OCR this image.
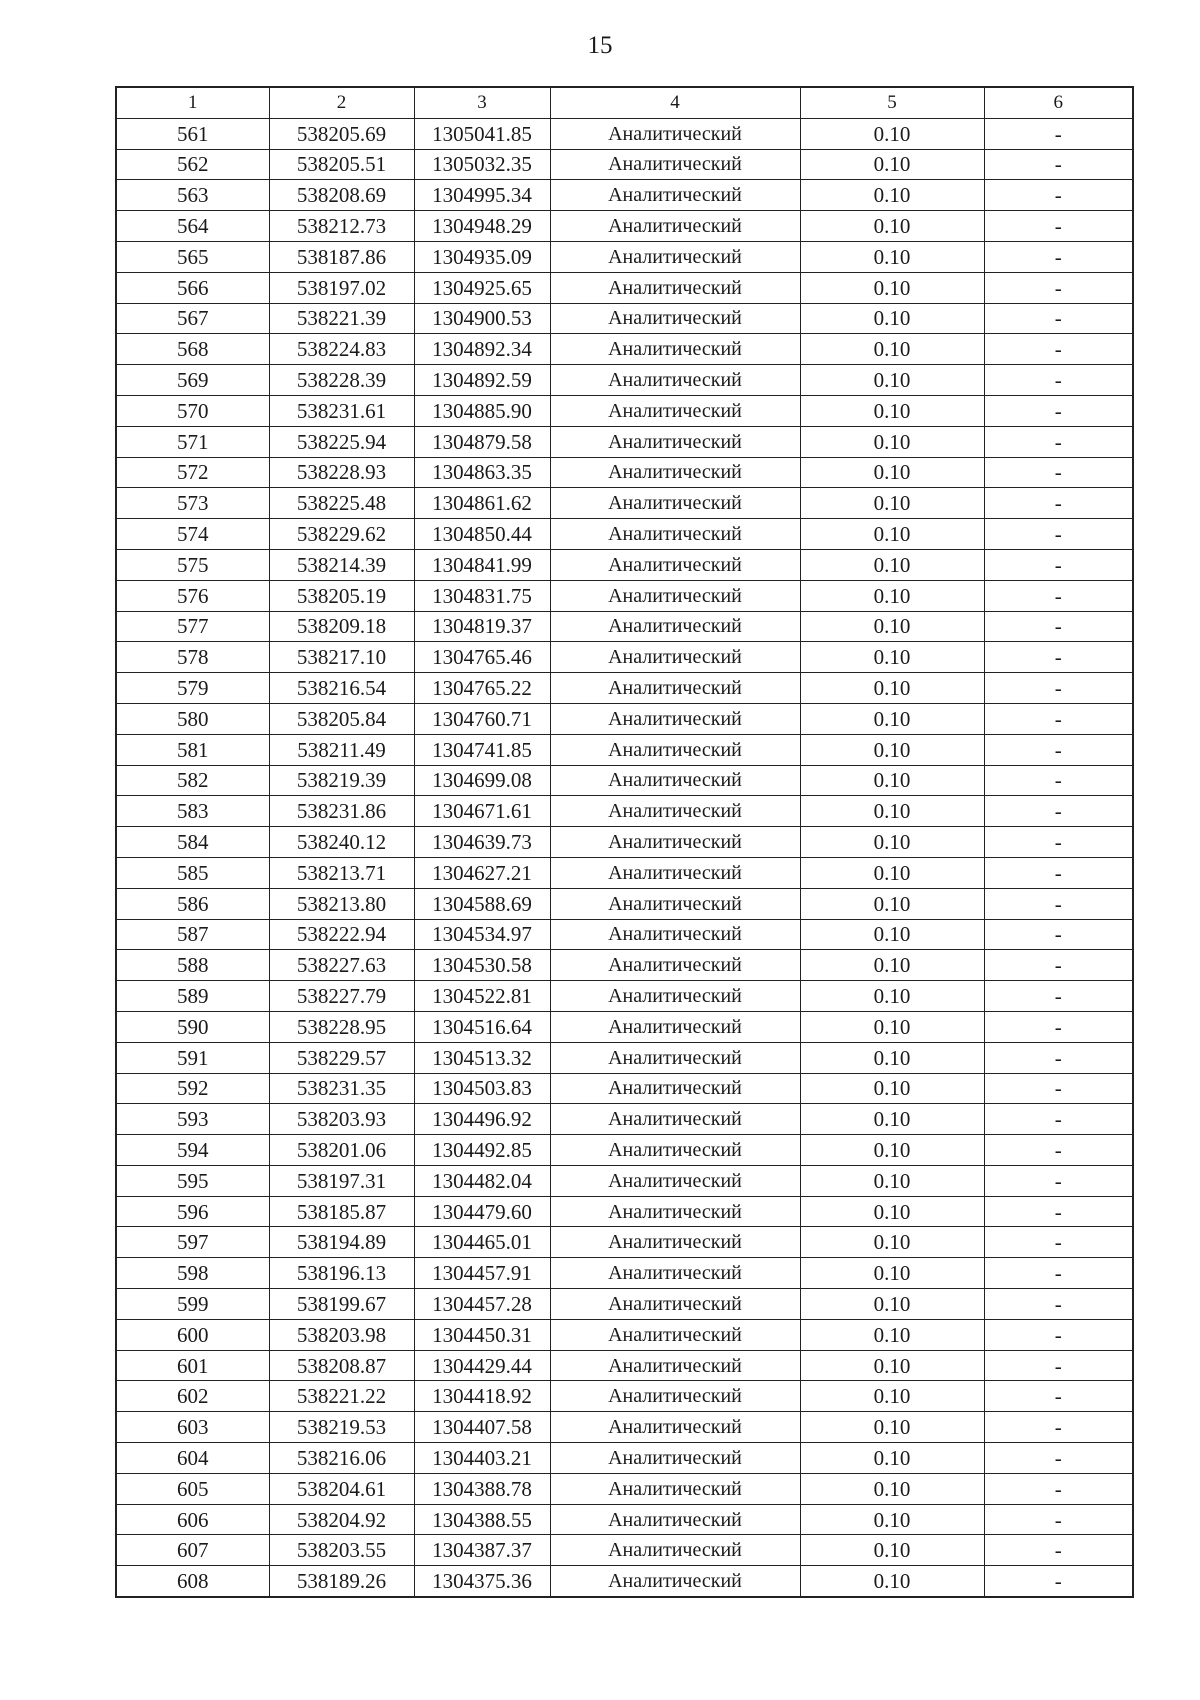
15
1	2	3	4	5	6
561	538205.69	1305041.85	Аналитический	0.10	-
562	538205.51	1305032.35	Аналитический	0.10	-
563	538208.69	1304995.34	Аналитический	0.10	-
564	538212.73	1304948.29	Аналитический	0.10	-
565	538187.86	1304935.09	Аналитический	0.10	-
566	538197.02	1304925.65	Аналитический	0.10	-
567	538221.39	1304900.53	Аналитический	0.10	-
568	538224.83	1304892.34	Аналитический	0.10	-
569	538228.39	1304892.59	Аналитический	0.10	-
570	538231.61	1304885.90	Аналитический	0.10	-
571	538225.94	1304879.58	Аналитический	0.10	-
572	538228.93	1304863.35	Аналитический	0.10	-
573	538225.48	1304861.62	Аналитический	0.10	-
574	538229.62	1304850.44	Аналитический	0.10	-
575	538214.39	1304841.99	Аналитический	0.10	-
576	538205.19	1304831.75	Аналитический	0.10	-
577	538209.18	1304819.37	Аналитический	0.10	-
578	538217.10	1304765.46	Аналитический	0.10	-
579	538216.54	1304765.22	Аналитический	0.10	-
580	538205.84	1304760.71	Аналитический	0.10	-
581	538211.49	1304741.85	Аналитический	0.10	-
582	538219.39	1304699.08	Аналитический	0.10	-
583	538231.86	1304671.61	Аналитический	0.10	-
584	538240.12	1304639.73	Аналитический	0.10	-
585	538213.71	1304627.21	Аналитический	0.10	-
586	538213.80	1304588.69	Аналитический	0.10	-
587	538222.94	1304534.97	Аналитический	0.10	-
588	538227.63	1304530.58	Аналитический	0.10	-
589	538227.79	1304522.81	Аналитический	0.10	-
590	538228.95	1304516.64	Аналитический	0.10	-
591	538229.57	1304513.32	Аналитический	0.10	-
592	538231.35	1304503.83	Аналитический	0.10	-
593	538203.93	1304496.92	Аналитический	0.10	-
594	538201.06	1304492.85	Аналитический	0.10	-
595	538197.31	1304482.04	Аналитический	0.10	-
596	538185.87	1304479.60	Аналитический	0.10	-
597	538194.89	1304465.01	Аналитический	0.10	-
598	538196.13	1304457.91	Аналитический	0.10	-
599	538199.67	1304457.28	Аналитический	0.10	-
600	538203.98	1304450.31	Аналитический	0.10	-
601	538208.87	1304429.44	Аналитический	0.10	-
602	538221.22	1304418.92	Аналитический	0.10	-
603	538219.53	1304407.58	Аналитический	0.10	-
604	538216.06	1304403.21	Аналитический	0.10	-
605	538204.61	1304388.78	Аналитический	0.10	-
606	538204.92	1304388.55	Аналитический	0.10	-
607	538203.55	1304387.37	Аналитический	0.10	-
608	538189.26	1304375.36	Аналитический	0.10	-
